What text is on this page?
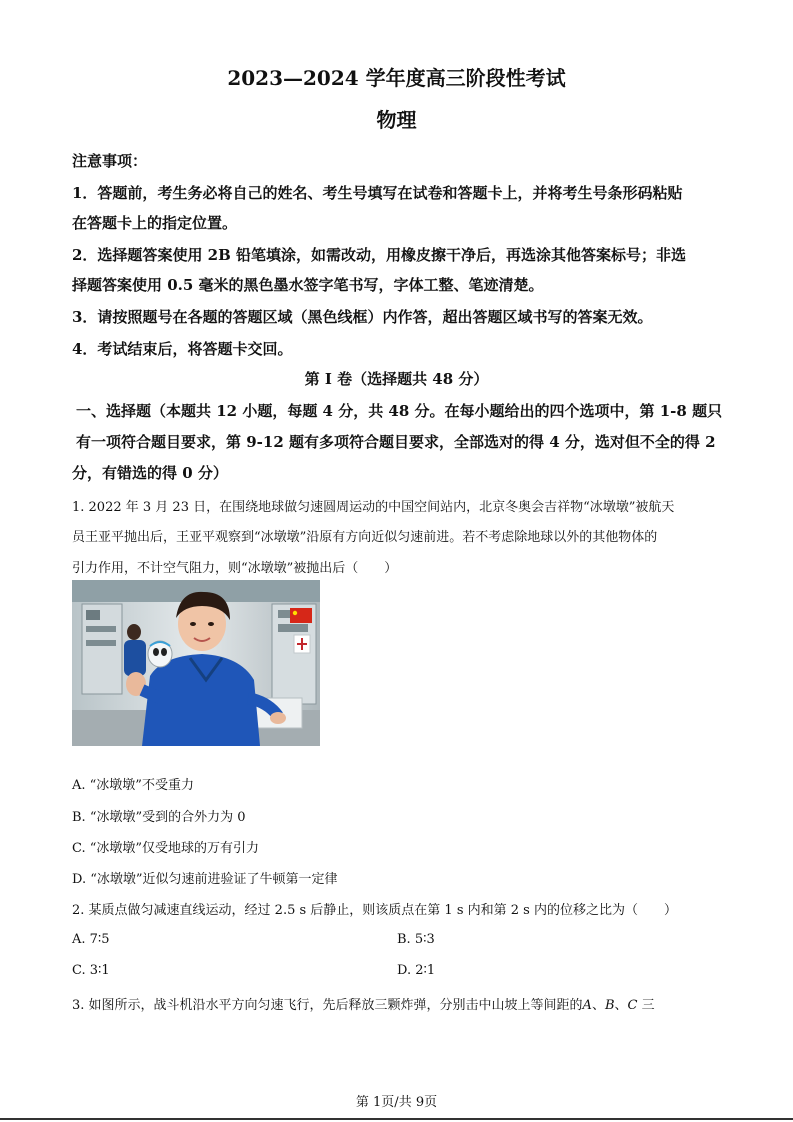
2023—2024 学年度高三阶段性考试
物理
注意事项：
1．答题前，考生务必将自己的姓名、考生号填写在试卷和答题卡上，并将考生号条形码粘贴
在答题卡上的指定位置。
2．选择题答案使用 2B 铅笔填涂，如需改动，用橡皮擦干净后，再选涂其他答案标号；非选
择题答案使用 0.5 毫米的黑色墨水签字笔书写，字体工整、笔迹清楚。
3．请按照题号在各题的答题区域（黑色线框）内作答，超出答题区域书写的答案无效。
4．考试结束后，将答题卡交回。
第 I 卷（选择题共 48 分）
一、选择题（本题共 12 小题，每题 4 分，共 48 分。在每小题给出的四个选项中，第 1-8 题只
有一项符合题目要求，第 9-12 题有多项符合题目要求，全部选对的得 4 分，选对但不全的得 2
分，有错选的得 0 分）
1. 2022 年 3 月 23 日，在围绕地球做匀速圆周运动的中国空间站内，北京冬奥会吉祥物“冰墩墩”被航天
员王亚平抛出后，王亚平观察到“冰墩墩”沿原有方向近似匀速前进。若不考虑除地球以外的其他物体的
引力作用，不计空气阻力，则“冰墩墩”被抛出后（　　）
A. “冰墩墩”不受重力
B. “冰墩墩”受到的合外力为 0
C. “冰墩墩”仅受地球的万有引力
D. “冰墩墩”近似匀速前进验证了牛顿第一定律
2. 某质点做匀减速直线运动，经过 2.5 s 后静止，则该质点在第 1 s 内和第 2 s 内的位移之比为（　　）
A. 7∶5	B. 5∶3
C. 3∶1	D. 2∶1
3. 如图所示，战斗机沿水平方向匀速飞行，先后释放三颗炸弹，分别击中山坡上等间距的A、B、C 三
第 1页/共 9页
